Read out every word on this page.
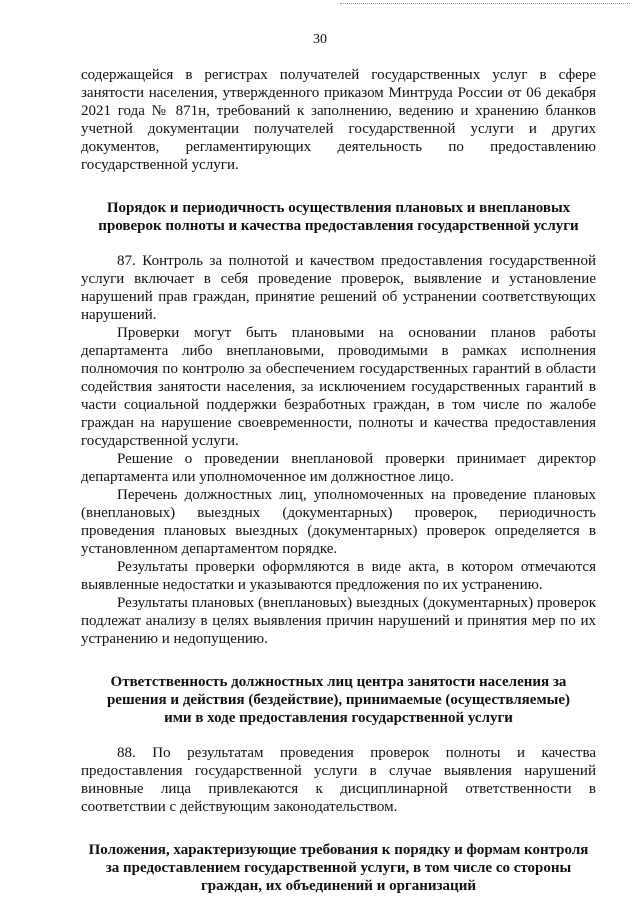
30

содержащейся в регистрах получателей государственных услуг в сфере занятости населения, утвержденного приказом Минтруда России от 06 декабря 2021 года № 871н, требований к заполнению, ведению и хранению бланков учетной документации получателей государственной услуги и других документов, регламентирующих деятельность по предоставлению государственной услуги.

Порядок и периодичность осуществления плановых и внеплановых
проверок полноты и качества предоставления государственной услуги

87. Контроль за полнотой и качеством предоставления государственной услуги включает в себя проведение проверок, выявление и установление нарушений прав граждан, принятие решений об устранении соответствующих нарушений.

Проверки могут быть плановыми на основании планов работы департамента либо внеплановыми, проводимыми в рамках исполнения полномочия по контролю за обеспечением государственных гарантий в области содействия занятости населения, за исключением государственных гарантий в части социальной поддержки безработных граждан, в том числе по жалобе граждан на нарушение своевременности, полноты и качества предоставления государственной услуги.

Решение о проведении внеплановой проверки принимает директор департамента или уполномоченное им должностное лицо.

Перечень должностных лиц, уполномоченных на проведение плановых (внеплановых) выездных (документарных) проверок, периодичность проведения плановых выездных (документарных) проверок определяется в установленном департаментом порядке.

Результаты проверки оформляются в виде акта, в котором отмечаются выявленные недостатки и указываются предложения по их устранению.

Результаты плановых (внеплановых) выездных (документарных) проверок подлежат анализу в целях выявления причин нарушений и принятия мер по их устранению и недопущению.

Ответственность должностных лиц центра занятости населения за
решения и действия (бездействие), принимаемые (осуществляемые)
ими в ходе предоставления государственной услуги

88. По результатам проведения проверок полноты и качества предоставления государственной услуги в случае выявления нарушений виновные лица привлекаются к дисциплинарной ответственности в соответствии с действующим законодательством.

Положения, характеризующие требования к порядку и формам контроля
за предоставлением государственной услуги, в том числе со стороны
граждан, их объединений и организаций
